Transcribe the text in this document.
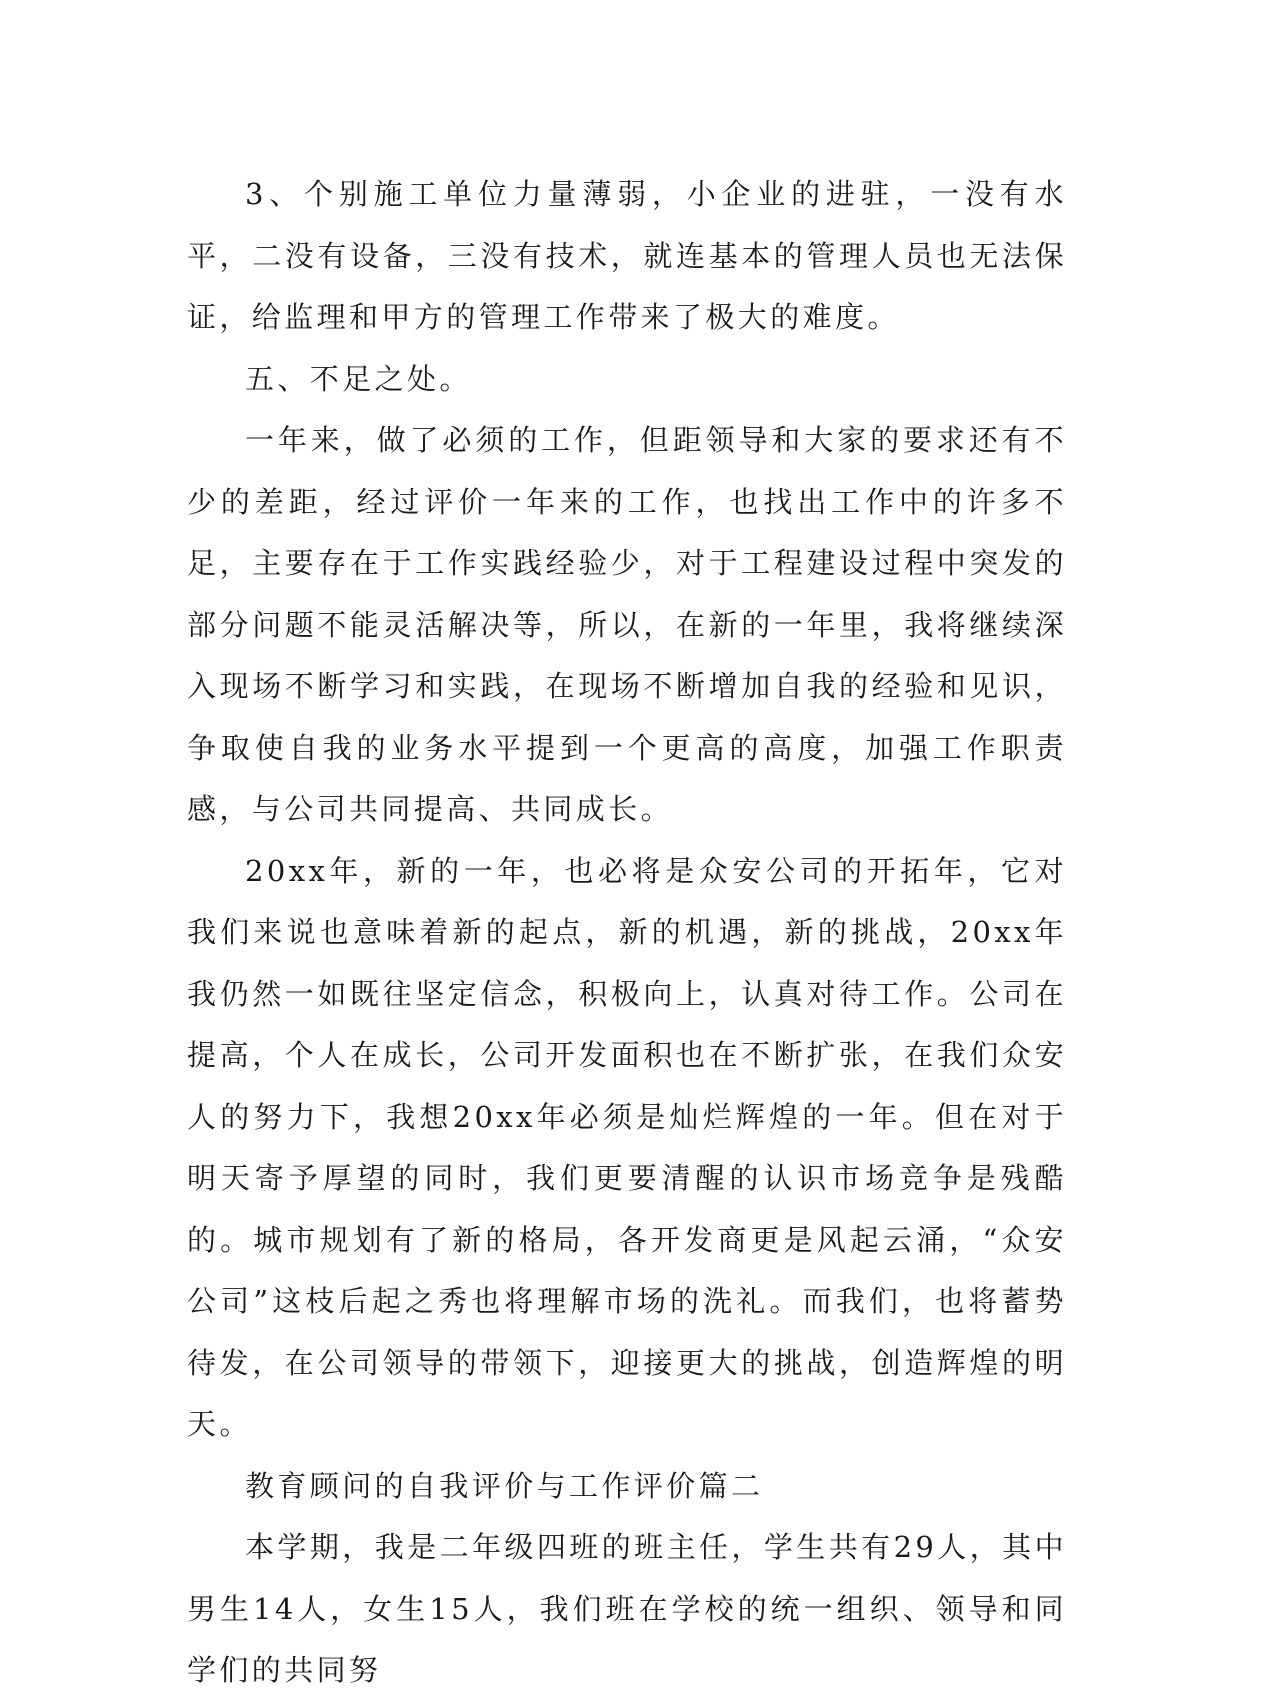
3、个别施工单位力量薄弱，小企业的进驻，一没有水平，二没有设备，三没有技术，就连基本的管理人员也无法保证，给监理和甲方的管理工作带来了极大的难度。

五、不足之处。

一年来，做了必须的工作，但距领导和大家的要求还有不少的差距，经过评价一年来的工作，也找出工作中的许多不足，主要存在于工作实践经验少，对于工程建设过程中突发的部分问题不能灵活解决等，所以，在新的一年里，我将继续深入现场不断学习和实践，在现场不断增加自我的经验和见识，争取使自我的业务水平提到一个更高的高度，加强工作职责感，与公司共同提高、共同成长。

20xx年，新的一年，也必将是众安公司的开拓年，它对我们来说也意味着新的起点，新的机遇，新的挑战，20xx年我仍然一如既往坚定信念，积极向上，认真对待工作。公司在提高，个人在成长，公司开发面积也在不断扩张，在我们众安人的努力下，我想20xx年必须是灿烂辉煌的一年。但在对于明天寄予厚望的同时，我们更要清醒的认识市场竞争是残酷的。城市规划有了新的格局，各开发商更是风起云涌，“众安公司”这枝后起之秀也将理解市场的洗礼。而我们，也将蓄势待发，在公司领导的带领下，迎接更大的挑战，创造辉煌的明天。

教育顾问的自我评价与工作评价篇二

本学期，我是二年级四班的班主任，学生共有29人，其中男生14人，女生15人，我们班在学校的统一组织、领导和同学们的共同努
